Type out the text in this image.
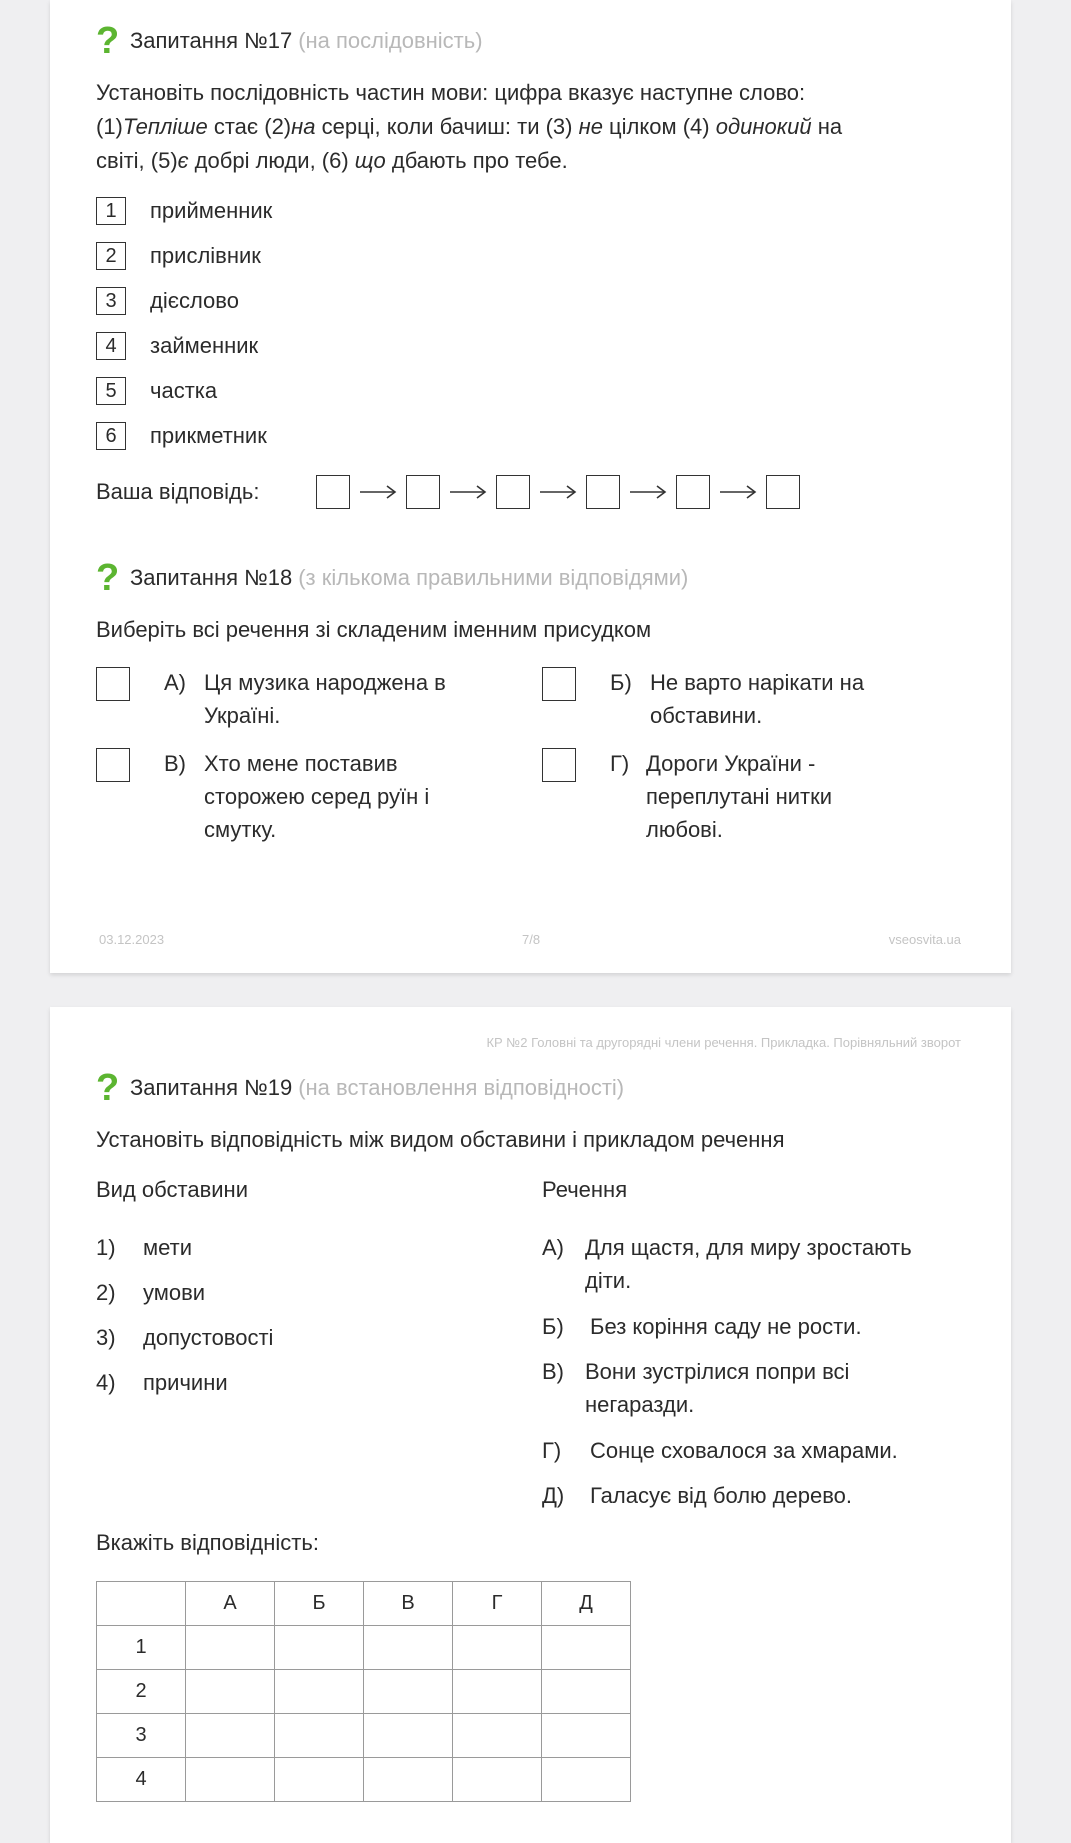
? Запитання №17 (на послідовність)
Установіть послідовність частин мови: цифра вказує наступне слово:
(1)Тепліше стає (2)на серці, коли бачиш: ти (3) не цілком (4) одинокий на
світі, (5)є добрі люди, (6) що дбають про тебе.
1	прийменник
2	прислівник
3	дієслово
4	займенник
5	частка
6	прикметник
Ваша відповідь:
? Запитання №18 (з кількома правильними відповідями)
Виберіть всі речення зі складеним іменним присудком
А) Ця музика народжена в
Україні.
Б) Не варто нарікати на
обставини.
В) Хто мене поставив
сторожею серед руїн і
смутку.
Г) Дороги України -
переплутані нитки
любові.
03.12.2023	7/8	vseosvita.ua
КР №2 Головні та другорядні члени речення. Прикладка. Порівняльний зворот
? Запитання №19 (на встановлення відповідності)
Установіть відповідність між видом обставини і прикладом речення
Вид обставини	Речення
1) мети
2) умови
3) допустовості
4) причини
А) Для щастя, для миру зростають
діти.
Б) Без коріння саду не рости.
В) Вони зустрілися попри всі
негаразди.
Г) Сонце сховалося за хмарами.
Д) Галасує від болю дерево.
Вкажіть відповідність:
	А	Б	В	Г	Д
1					
2					
3					
4					
